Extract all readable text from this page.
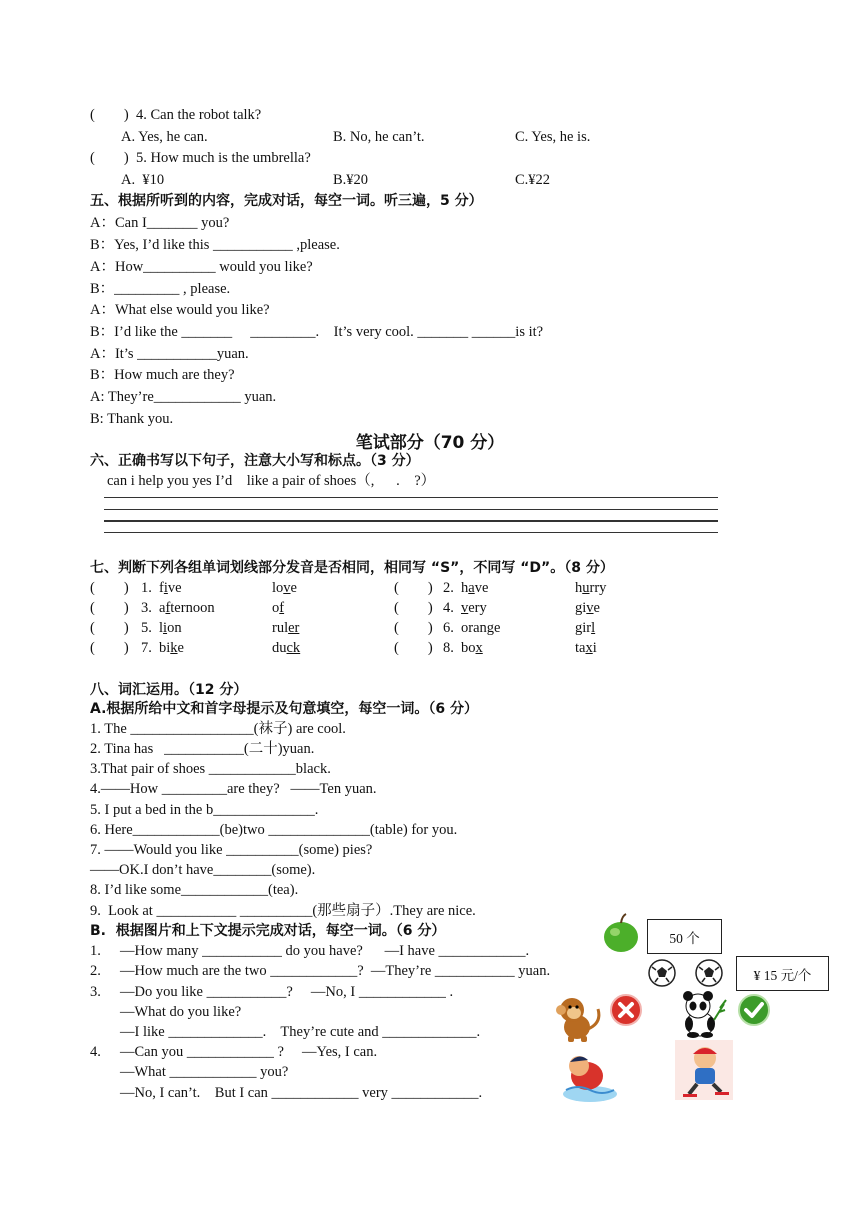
(        ) 4. Can the robot talk?
A. Yes, he can.	B. No, he can’t.	C. Yes, he is.
(        ) 5. How much is the umbrella?
A.  ¥10	B.¥20	C.¥22
五、根据所听到的内容，完成对话，每空一词。听三遍，5 分）
A：Can I_______ you?
B：Yes, I’d like this ___________ ,please.
A：How__________ would you like?
B：_________ , please.
A：What else would you like?
B：I’d like the _______     _________.    It’s very cool. _______ ______is it?
A：It’s ___________yuan.
B：How much are they?
A: They’re____________ yuan.
B: Thank you.
笔试部分（70 分）
六、正确书写以下句子，注意大小写和标点。（3 分）
can i help you yes I’d    like a pair of shoes（,      .    ?）
七、判断下列各组单词划线部分发音是否相同，相同写 “S”，不同写 “D”。（8 分）
(        ) 1. five	love	(        ) 2. have	hurry
(        ) 3. afternoon	of	(        ) 4. very	give
(        ) 5. lion	ruler	(        ) 6. orange	girl
(        ) 7. bike	duck	(        ) 8. box	taxi
八、词汇运用。（12 分）
A.根据所给中文和首字母提示及句意填空，每空一词。（6 分）
1. The _________________(袜子) are cool.
2. Tina has   ___________(二十)yuan.
3.That pair of shoes ____________black.
4.——How _________are they?   ——Ten yuan.
5. I put a bed in the b______________.
6. Here____________(be)two ______________(table) for you.
7. ——Would you like __________(some) pies?
——OK.I don’t have________(some).
8. I’d like some____________(tea).
9.  Look at ___________ __________(那些扇子）.They are nice.
B.  根据图片和上下文提示完成对话，每空一词。（6 分）
1. —How many ___________ do you have?      —I have ____________.
2. —How much are the two ____________?  —They’re ___________ yuan.
3. —Do you like ___________?     —No, I ____________ .
—What do you like?
—I like _____________.    They’re cute and _____________.
4. —Can you ____________ ?     —Yes, I can.
—What ____________ you?
—No, I can’t.    But I can ____________ very ____________.
50 个
¥ 15 元/个
